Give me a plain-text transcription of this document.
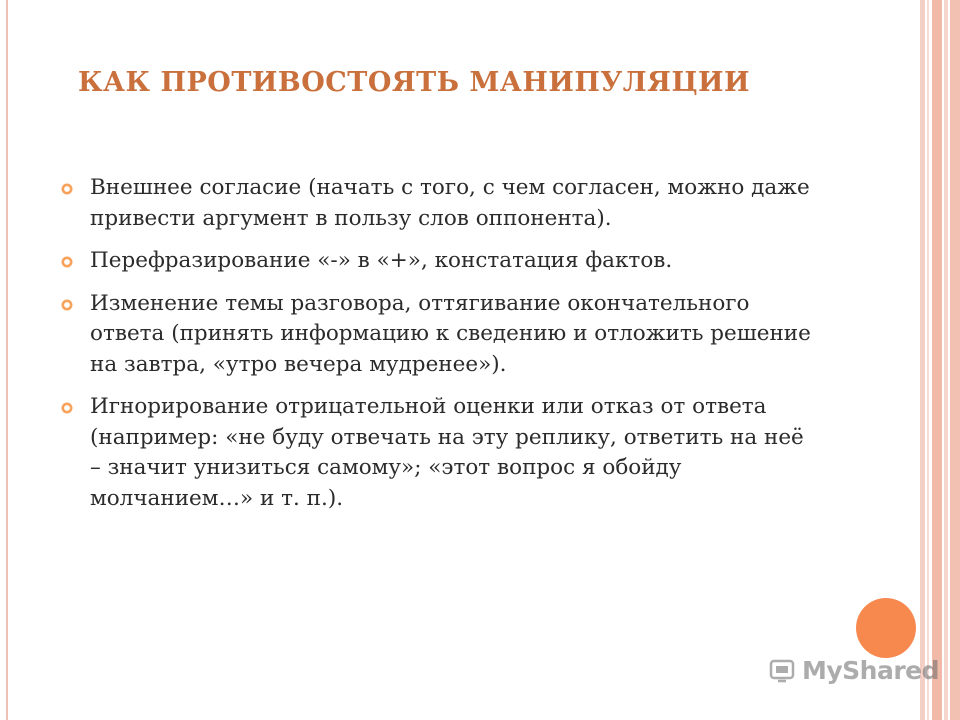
КАК ПРОТИВОСТОЯТЬ МАНИПУЛЯЦИИ
Внешнее согласие (начать с того, с чем согласен, можно даже привести аргумент в пользу слов оппонента).
Перефразирование «-» в «+», констатация фактов.
Изменение темы разговора, оттягивание окончательного ответа (принять информацию к сведению и отложить решение на завтра, «утро вечера мудренее»).
Игнорирование отрицательной оценки или отказ от ответа (например: «не буду отвечать на эту реплику, ответить на неё – значит унизиться самому»; «этот вопрос я обойду молчанием…» и т. п.).
MyShared
